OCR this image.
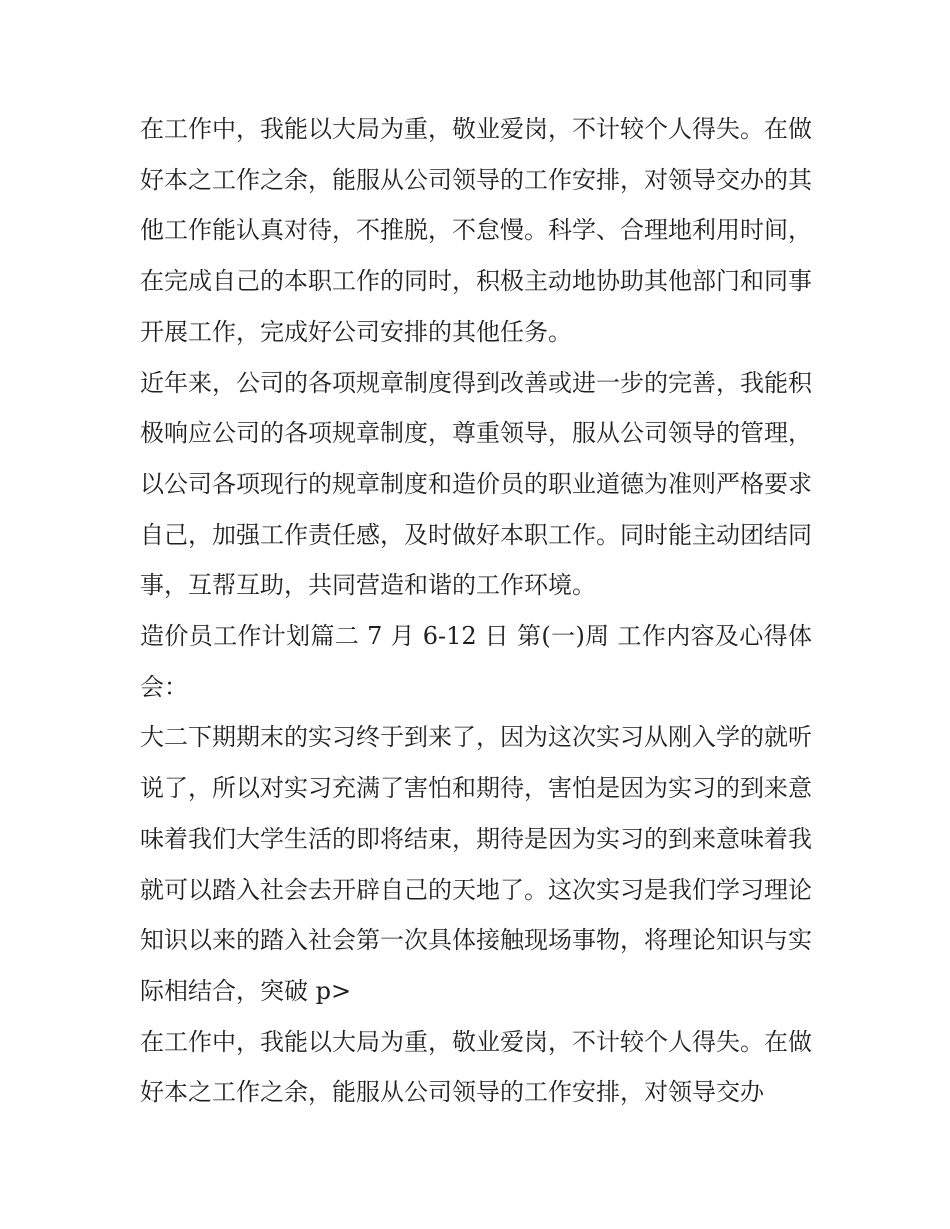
在工作中，我能以大局为重，敬业爱岗，不计较个人得失。在做好本之工作之余，能服从公司领导的工作安排，对领导交办的其他工作能认真对待，不推脱，不怠慢。科学、合理地利用时间，在完成自己的本职工作的同时，积极主动地协助其他部门和同事开展工作，完成好公司安排的其他任务。

近年来，公司的各项规章制度得到改善或进一步的完善，我能积极响应公司的各项规章制度，尊重领导，服从公司领导的管理，以公司各项现行的规章制度和造价员的职业道德为准则严格要求自己，加强工作责任感，及时做好本职工作。同时能主动团结同事，互帮互助，共同营造和谐的工作环境。

造价员工作计划篇二 7 月 6-12 日 第(一)周 工作内容及心得体会：

大二下期期末的实习终于到来了，因为这次实习从刚入学的就听说了，所以对实习充满了害怕和期待，害怕是因为实习的到来意味着我们大学生活的即将结束，期待是因为实习的到来意味着我就可以踏入社会去开辟自己的天地了。这次实习是我们学习理论知识以来的踏入社会第一次具体接触现场事物，将理论知识与实际相结合，突破 p>

在工作中，我能以大局为重，敬业爱岗，不计较个人得失。在做好本之工作之余，能服从公司领导的工作安排，对领导交办
